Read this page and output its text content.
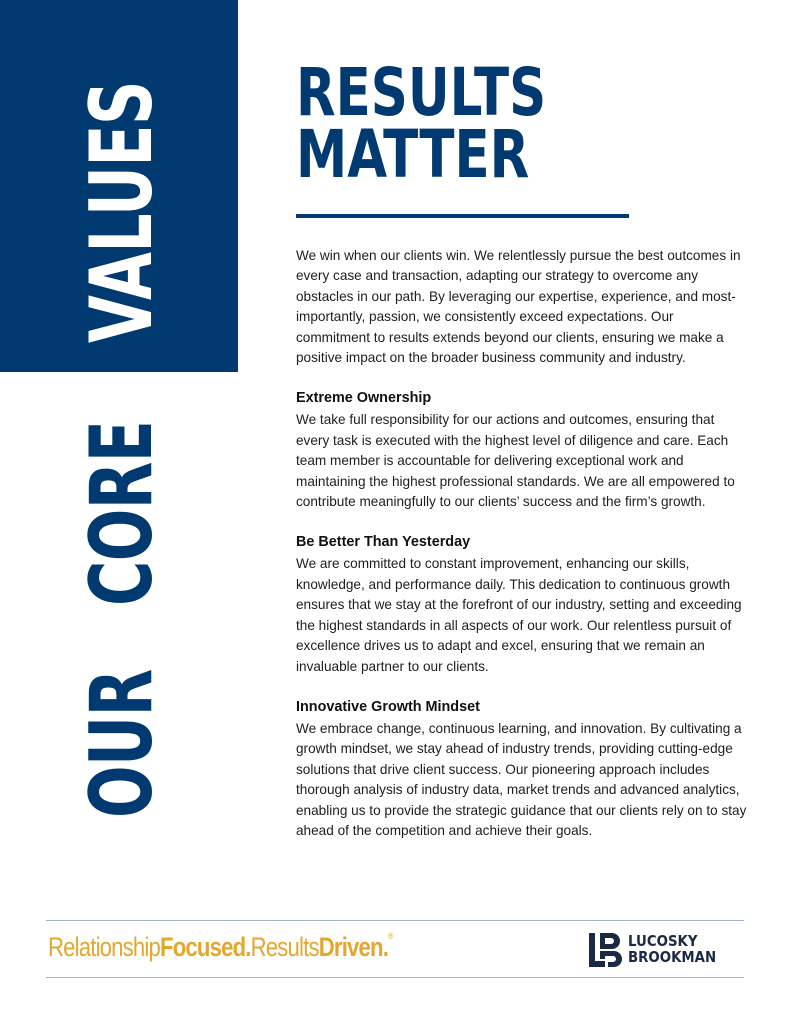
OURCOREVALUES RESULTS
MATTER

We win when our clients win. We relentlessly pursue the best outcomes in every case and transaction, adapting our strategy to overcome any obstacles in our path. By leveraging our expertise, experience, and most-importantly, passion, we consistently exceed expectations. Our commitment to results extends beyond our clients, ensuring we make a positive impact on the broader business community and industry.

Extreme Ownership

We take full responsibility for our actions and outcomes, ensuring that every task is executed with the highest level of diligence and care. Each team member is accountable for delivering exceptional work and maintaining the highest professional standards. We are all empowered to contribute meaningfully to our clients’ success and the firm’s growth.

Be Better Than Yesterday

We are committed to constant improvement, enhancing our skills, knowledge, and performance daily. This dedication to continuous growth ensures that we stay at the forefront of our industry, setting and exceeding the highest standards in all aspects of our work. Our relentless pursuit of excellence drives us to adapt and excel, ensuring that we remain an invaluable partner to our clients.

Innovative Growth Mindset

We embrace change, continuous learning, and innovation. By cultivating a growth mindset, we stay ahead of industry trends, providing cutting-edge solutions that drive client success. Our pioneering approach includes thorough analysis of industry data, market trends and advanced analytics, enabling us to provide the strategic guidance that our clients rely on to stay ahead of the competition and achieve their goals.

RelationshipFocused.ResultsDriven.®	LUCOSKY
BROOKMAN
